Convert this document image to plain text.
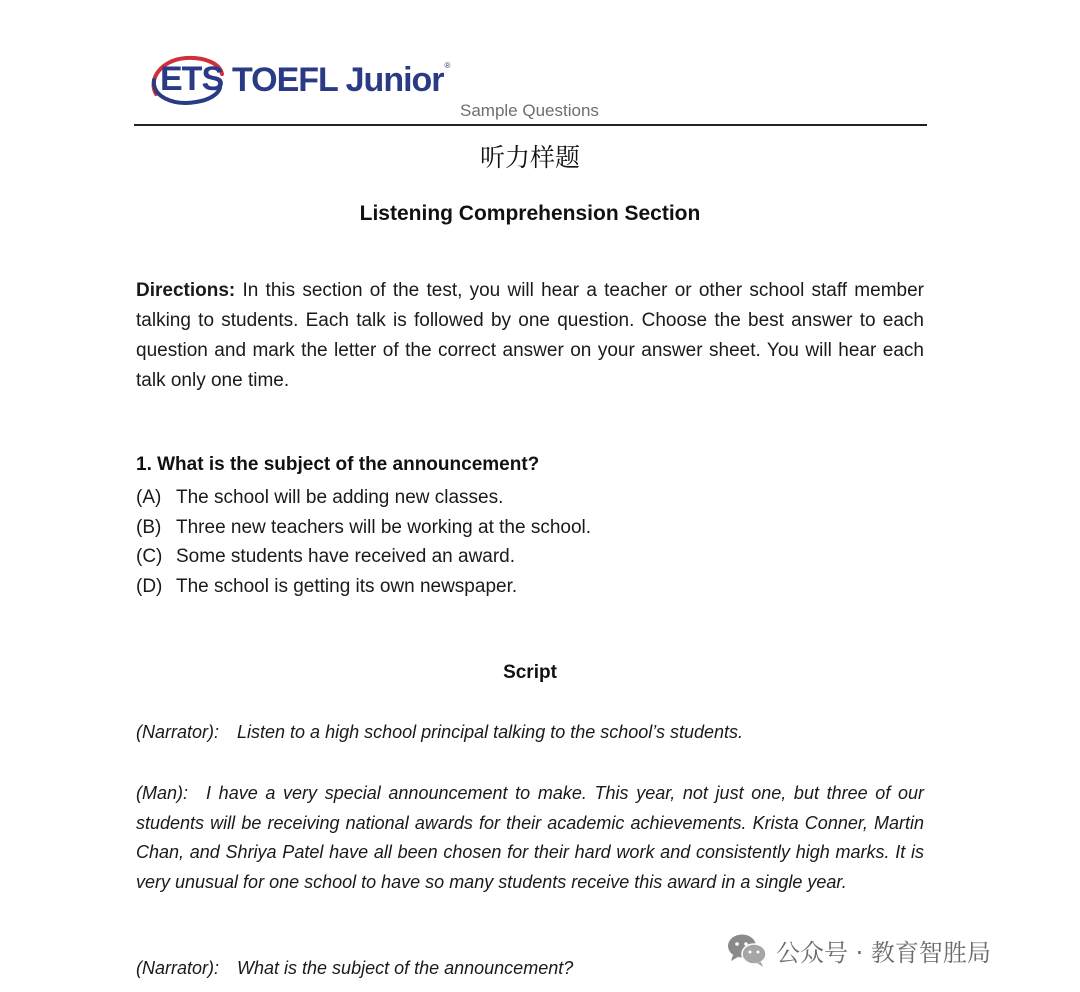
ETS TOEFL Junior®
Sample Questions
听力样题
Listening Comprehension Section
Directions: In this section of the test, you will hear a teacher or other school staff member talking to students. Each talk is followed by one question. Choose the best answer to each question and mark the letter of the correct answer on your answer sheet. You will hear each talk only one time.
1. What is the subject of the announcement?
(A) The school will be adding new classes.
(B) Three new teachers will be working at the school.
(C) Some students have received an award.
(D) The school is getting its own newspaper.
Script
(Narrator): Listen to a high school principal talking to the school’s students.
(Man): I have a very special announcement to make. This year, not just one, but three of our students will be receiving national awards for their academic achievements. Krista Conner, Martin Chan, and Shriya Patel have all been chosen for their hard work and consistently high marks. It is very unusual for one school to have so many students receive this award in a single year.
(Narrator): What is the subject of the announcement?
公众号 · 教育智胜局
